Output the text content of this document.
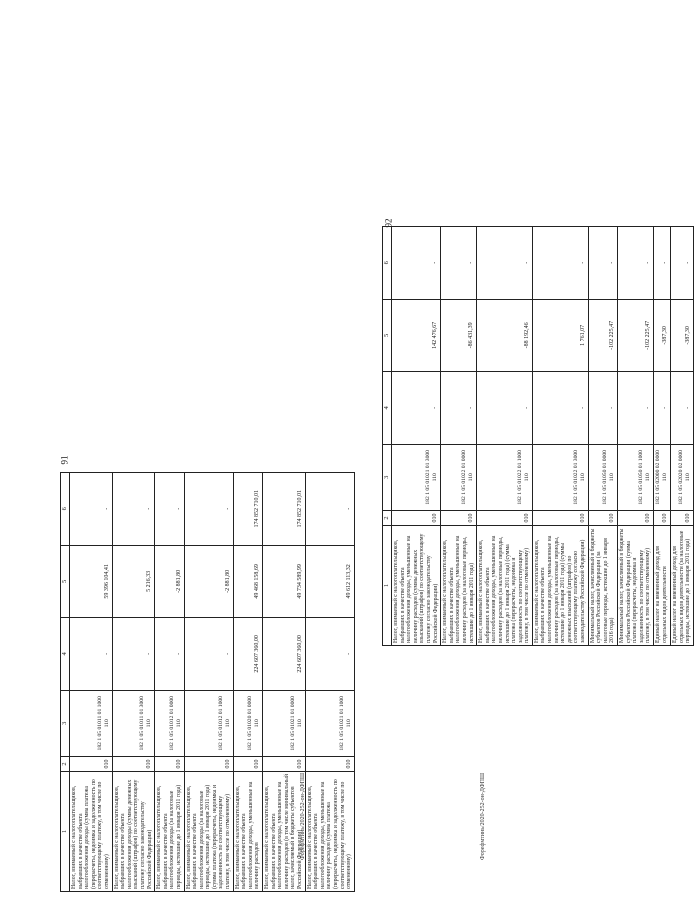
91
1	2	3	4	5	6
Налог, взимаемый с налогоплательщиков, выбравших в качестве объекта налогообложения доходы (сумма платежа (перерасчеты, недоимка и задолженность по соответствующему платежу, в том числе по отмененному)	010	182 1 05 01011 01 1000 110	-	59 396 104,41	-
Налог, взимаемый с налогоплательщиков, выбравших в качестве объекта налогообложения доходы (суммы денежных взысканий (штрафов) по соответствующему платежу согласно законодательству Российской Федерации)	010	182 1 05 01011 01 3000 110	-	5 216,33	-
Налог, взимаемый с налогоплательщиков, выбравших в качестве объекта налогообложения доходы (за налоговые периоды, истекшие до 1 января 2011 года)	010	182 1 05 01012 01 0000 110	-	-2 881,80	-
Налог, взимаемый с налогоплательщиков, выбравших в качестве объекта налогообложения доходы (за налоговые периоды, истекшие до 1 января 2011 года) (сумма платежа (перерасчеты, недоимка и задолженность по соответствующему платежу, в том числе по отмененному)	010	182 1 05 01012 01 1000 110	-	-2 881,80	-
Налог, взимаемый с налогоплательщиков, выбравших в качестве объекта налогообложения доходы, уменьшенные на величину расходов	010	182 1 05 01020 01 0000 110	224 607 360,00	49 468 158,69	174 852 710,01
Налог, взимаемый с налогоплательщиков, выбравших в качестве объекта налогообложения доходы, уменьшенные на величину расходов (в том числе минимальный налог, зачисляемый в бюджеты субъектов Российской Федерации)	010	182 1 05 01021 01 0000 110	224 607 360,00	49 734 589,99	174 852 710,01
Налог, взимаемый с налогоплательщиков, выбравших в качестве объекта налогообложения доходы, уменьшенные на величину расходов (сумма платежа (перерасчеты, недоимка и задолженность по соответствующему платежу, в том числе по отмененному)	010	182 1 05 01021 01 1000 110	-	49 612 113,32	-
Форефмтинь/2020-252-он-ДФПШ
92
1	2	3	4	5	6
Налог, взимаемый с налогоплательщиков, выбравших в качестве объекта налогообложения доходы, уменьшенные на величину расходов (суммы денежных взысканий (штрафов) по соответствующему платежу согласно законодательству Российской Федерации)	010	182 1 05 01021 01 3000 110	-	142 476,67	-
Налог, взимаемый с налогоплательщиков, выбравших в качестве объекта налогообложения доходы, уменьшенные на величину расходов (за налоговые периоды, истекшие до 1 января 2011 года)	010	182 1 05 01022 01 0000 110	-	-86 431,39	-
Налог, взимаемый с налогоплательщиков, выбравших в качестве объекта налогообложения доходы, уменьшенные на величину расходов (за налоговые периоды, истекшие до 1 января 2011 года) (сумма платежа (перерасчеты, недоимка и задолженность по соответствующему платежу, в том числе по отмененному)	010	182 1 05 01022 01 1000 110	-	-88 192,46	-
Налог, взимаемый с налогоплательщиков, выбравших в качестве объекта налогообложения доходы, уменьшенные на величину расходов (за налоговые периоды, истекшие до 1 января 2011 года) (суммы денежных взысканий (штрафов) по соответствующему платежу согласно законодательству Российской Федерации)	010	182 1 05 01022 01 3000 110	-	1 761,07	-
Минимальный налог, зачисляемый в бюджеты субъектов Российской Федерации (за налоговые периоды, истекшие до 1 января 2016 года)	010	182 1 05 01050 01 0000 110	-	-102 225,47	-
Минимальный налог, зачисляемый в бюджеты субъектов Российской Федерации (сумма платежа (перерасчеты, недоимка и задолженность по соответствующему платежу, в том числе по отмененному)	010	182 1 05 01050 01 1000 110	-	-102 225,47	-
Единый налог на вмененный доход для отдельных видов деятельности	010	182 1 05 02000 02 0000 110	-	-387,30	-
Единый налог на вмененный доход для отдельных видов деятельности (за налоговые периоды, истекшие до 1 января 2011 года)	010	182 1 05 02020 02 0000 110	-	-387,30	-
Форефмтинь/2020-252-он-ДФПШ
